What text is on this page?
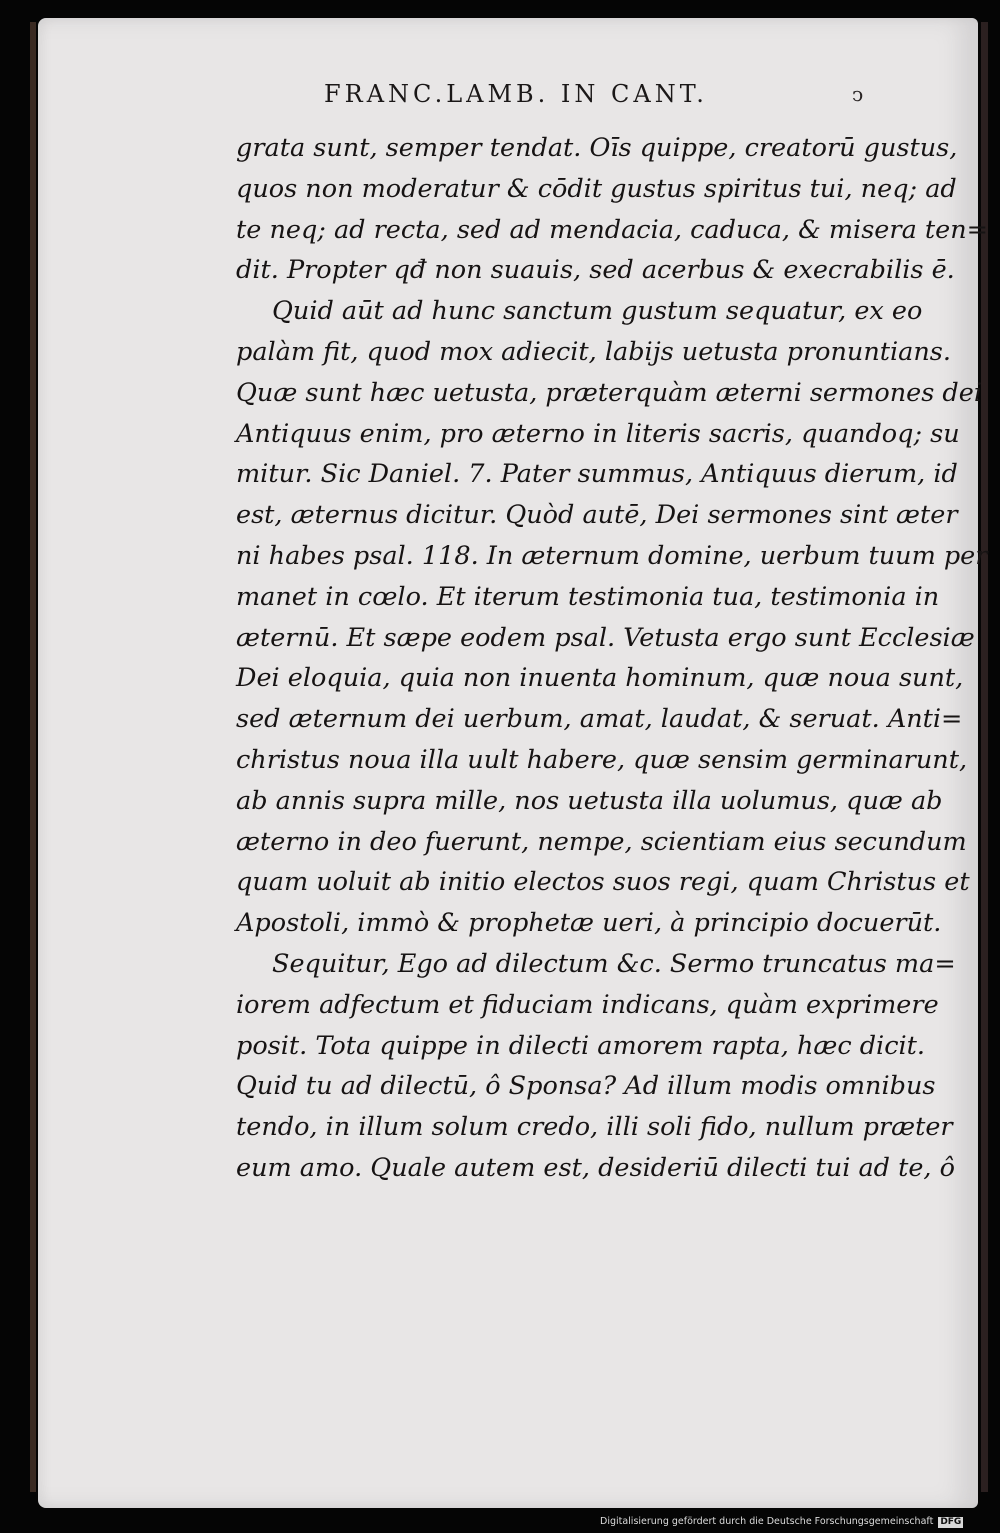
FRANC.LAMB. IN CANT.	ↄ
grata sunt, semper tendat. Oīs quippe, creatorū gustus,
quos non moderatur & cōdit gustus spiritus tui, neq; ad
te neq; ad recta, sed ad mendacia, caduca, & misera ten=
dit. Propter qđ non suauis, sed acerbus & execrabilis ē.
Quid aūt ad hunc sanctum gustum sequatur, ex eo
palàm fit, quod mox adiecit, labijs uetusta pronuntians.
Quæ sunt hæc uetusta, præterquàm æterni sermones dei
Antiquus enim, pro æterno in literis sacris, quandoq; su
mitur. Sic Daniel. 7. Pater summus, Antiquus dierum, id
est, æternus dicitur. Quòd autē, Dei sermones sint æter
ni habes psal. 118. In æternum domine, uerbum tuum per
manet in cœlo. Et iterum testimonia tua, testimonia in
æternū. Et sæpe eodem psal. Vetusta ergo sunt Ecclesiæ
Dei eloquia, quia non inuenta hominum, quæ noua sunt,
sed æternum dei uerbum, amat, laudat, & seruat. Anti=
christus noua illa uult habere, quæ sensim germinarunt,
ab annis supra mille, nos uetusta illa uolumus, quæ ab
æterno in deo fuerunt, nempe, scientiam eius secundum
quam uoluit ab initio electos suos regi, quam Christus et
Apostoli, immò & prophetæ ueri, à principio docuerūt.
Sequitur, Ego ad dilectum &c. Sermo truncatus ma=
iorem adfectum et fiduciam indicans, quàm exprimere
posit. Tota quippe in dilecti amorem rapta, hæc dicit.
Quid tu ad dilectū, ô Sponsa? Ad illum modis omnibus
tendo, in illum solum credo, illi soli fido, nullum præter
eum amo. Quale autem est, desideriū dilecti tui ad te, ô
Digitalisierung gefördert durch die Deutsche Forschungsgemeinschaft DFG
